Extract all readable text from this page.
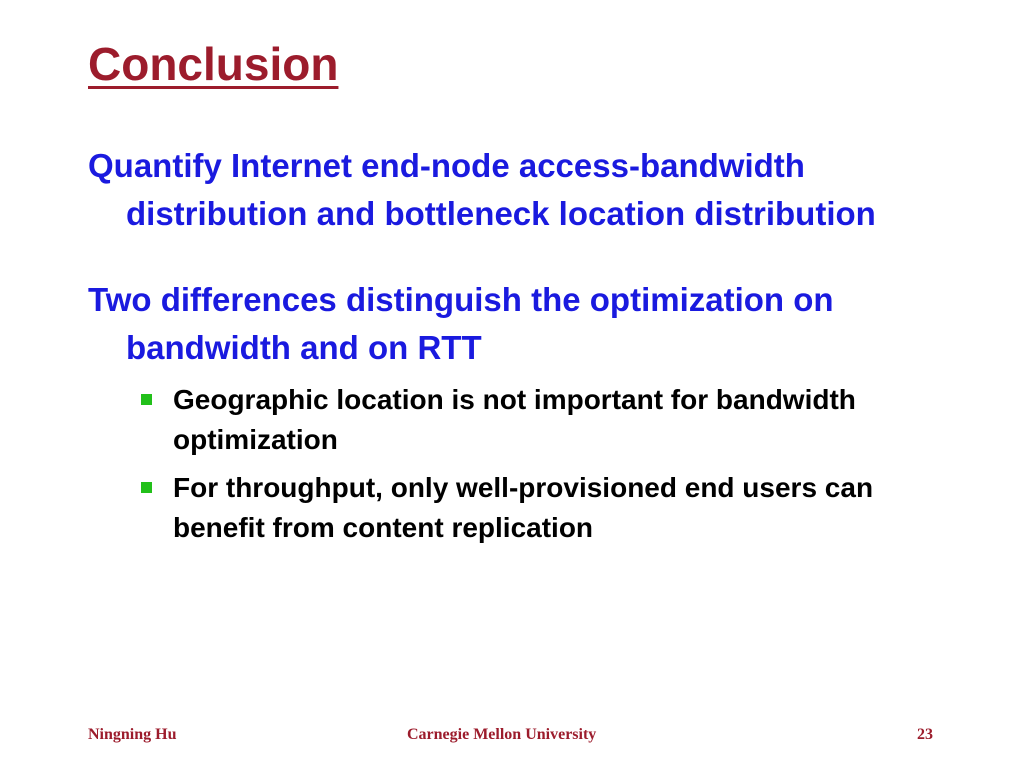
Conclusion

Quantify Internet end-node access-bandwidth distribution and bottleneck location distribution

Two differences distinguish the optimization on bandwidth and on RTT

Geographic location is not important for bandwidth optimization
For throughput, only well-provisioned end users can benefit from content replication
Ningning Hu	Carnegie Mellon University	23
